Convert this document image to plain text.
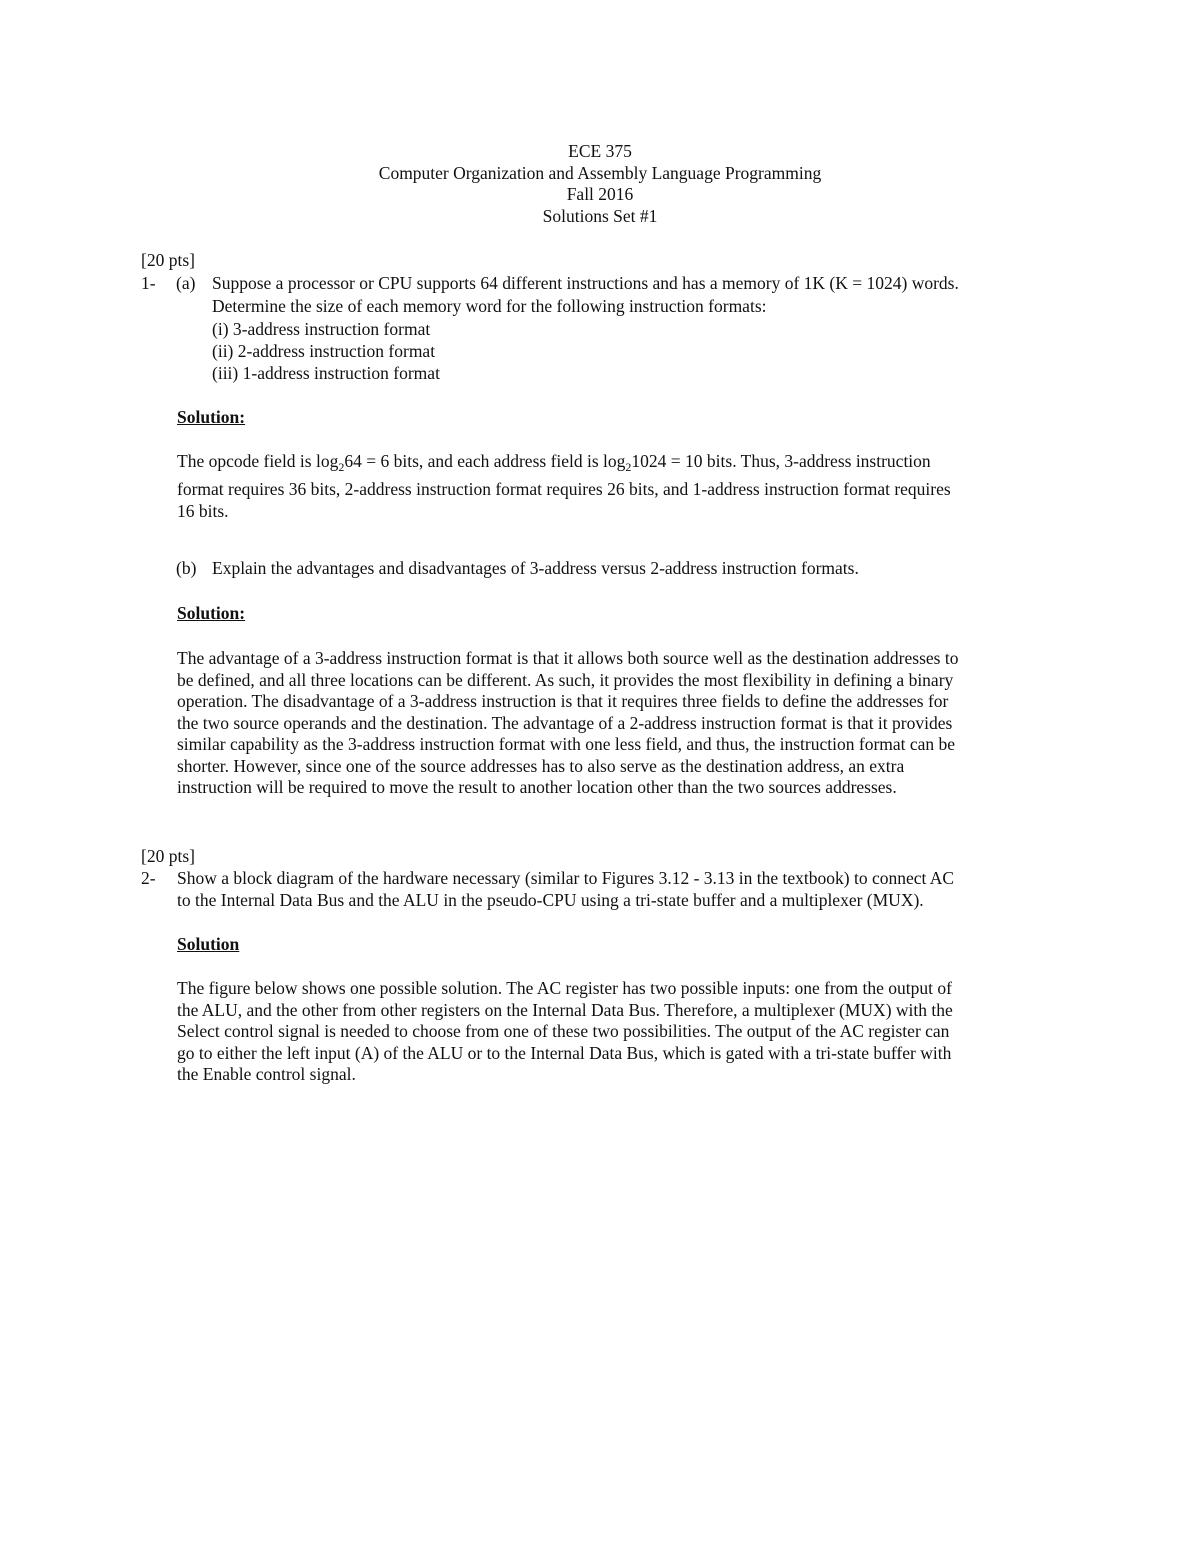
ECE 375
Computer Organization and Assembly Language Programming
Fall 2016
Solutions Set #1
[20 pts]
1- (a) Suppose a processor or CPU supports 64 different instructions and has a memory of 1K (K = 1024) words.
Determine the size of each memory word for the following instruction formats:
(i) 3-address instruction format
(ii) 2-address instruction format
(iii) 1-address instruction format
Solution:
The opcode field is $\log_264 = 6$ bits, and each address field is $\log_21024 = 10$ bits. Thus, 3-address instruction
format requires 36 bits, 2-address instruction format requires 26 bits, and 1-address instruction format requires
16 bits.
(b) Explain the advantages and disadvantages of 3-address versus 2-address instruction formats.
Solution:
The advantage of a 3-address instruction format is that it allows both source well as the destination addresses to
be defined, and all three locations can be different. As such, it provides the most flexibility in defining a binary
operation. The disadvantage of a 3-address instruction is that it requires three fields to define the addresses for
the two source operands and the destination. The advantage of a 2-address instruction format is that it provides
similar capability as the 3-address instruction format with one less field, and thus, the instruction format can be
shorter. However, since one of the source addresses has to also serve as the destination address, an extra
instruction will be required to move the result to another location other than the two sources addresses.
[20 pts]
2- Show a block diagram of the hardware necessary (similar to Figures 3.12 - 3.13 in the textbook) to connect AC
to the Internal Data Bus and the ALU in the pseudo-CPU using a tri-state buffer and a multiplexer (MUX).
Solution
The figure below shows one possible solution. The AC register has two possible inputs: one from the output of
the ALU, and the other from other registers on the Internal Data Bus. Therefore, a multiplexer (MUX) with the
Select control signal is needed to choose from one of these two possibilities. The output of the AC register can
go to either the left input (A) of the ALU or to the Internal Data Bus, which is gated with a tri-state buffer with
the Enable control signal.
